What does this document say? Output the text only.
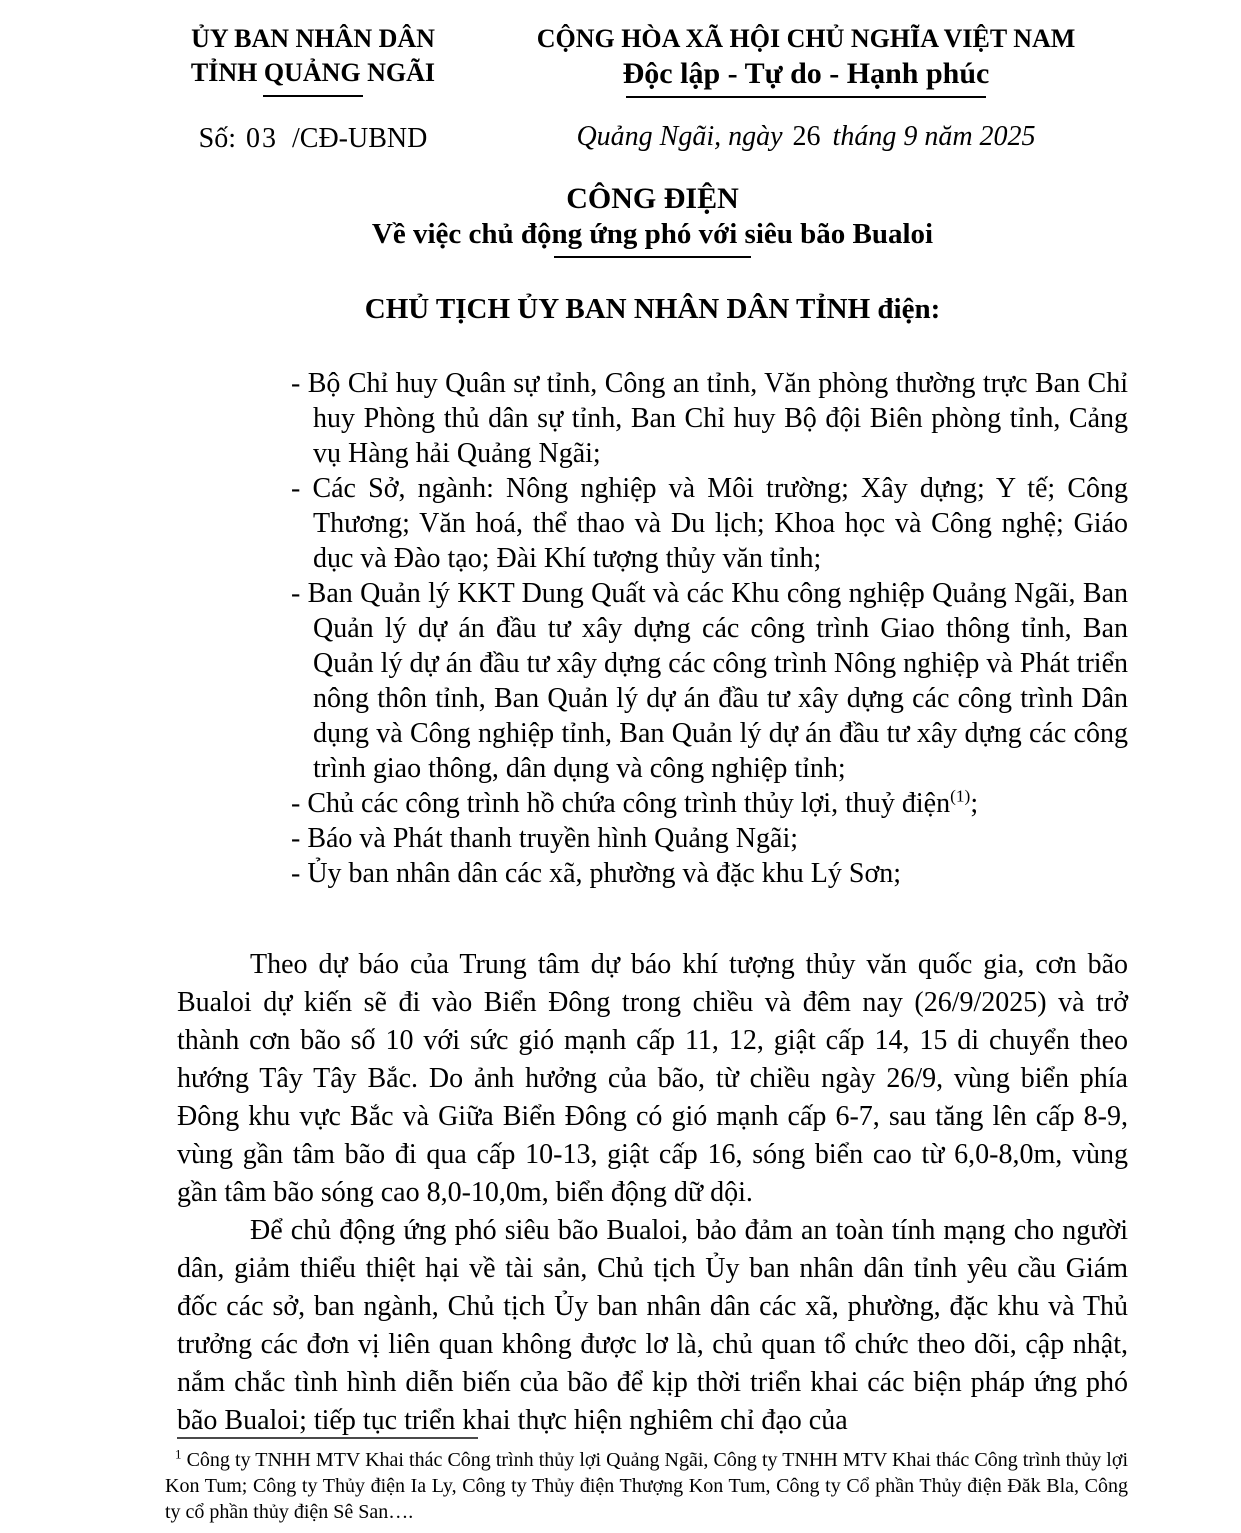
ỦY BAN NHÂN DÂN
TỈNH QUẢNG NGÃI
Số: 03 /CĐ-UBND
CỘNG HÒA XÃ HỘI CHỦ NGHĨA VIỆT NAM
Độc lập - Tự do - Hạnh phúc
Quảng Ngãi, ngày 26 tháng 9 năm 2025
CÔNG ĐIỆN
Về việc chủ động ứng phó với siêu bão Bualoi
CHỦ TỊCH ỦY BAN NHÂN DÂN TỈNH điện:
- Bộ Chỉ huy Quân sự tỉnh, Công an tỉnh, Văn phòng thường trực Ban Chỉ huy Phòng thủ dân sự tỉnh, Ban Chỉ huy Bộ đội Biên phòng tỉnh, Cảng vụ Hàng hải Quảng Ngãi;
- Các Sở, ngành: Nông nghiệp và Môi trường; Xây dựng; Y tế; Công Thương; Văn hoá, thể thao và Du lịch; Khoa học và Công nghệ; Giáo dục và Đào tạo; Đài Khí tượng thủy văn tỉnh;
- Ban Quản lý KKT Dung Quất và các Khu công nghiệp Quảng Ngãi, Ban Quản lý dự án đầu tư xây dựng các công trình Giao thông tỉnh, Ban Quản lý dự án đầu tư xây dựng các công trình Nông nghiệp và Phát triển nông thôn tỉnh, Ban Quản lý dự án đầu tư xây dựng các công trình Dân dụng và Công nghiệp tỉnh, Ban Quản lý dự án đầu tư xây dựng các công trình giao thông, dân dụng và công nghiệp tỉnh;
- Chủ các công trình hồ chứa công trình thủy lợi, thuỷ điện$^{(1)}$;
- Báo và Phát thanh truyền hình Quảng Ngãi;
- Ủy ban nhân dân các xã, phường và đặc khu Lý Sơn;

Theo dự báo của Trung tâm dự báo khí tượng thủy văn quốc gia, cơn bão Bualoi dự kiến sẽ đi vào Biển Đông trong chiều và đêm nay (26/9/2025) và trở thành cơn bão số 10 với sức gió mạnh cấp 11, 12, giật cấp 14, 15 di chuyển theo hướng Tây Tây Bắc. Do ảnh hưởng của bão, từ chiều ngày 26/9, vùng biển phía Đông khu vực Bắc và Giữa Biển Đông có gió mạnh cấp 6-7, sau tăng lên cấp 8-9, vùng gần tâm bão đi qua cấp 10-13, giật cấp 16, sóng biển cao từ 6,0-8,0m, vùng gần tâm bão sóng cao 8,0-10,0m, biển động dữ dội.

Để chủ động ứng phó siêu bão Bualoi, bảo đảm an toàn tính mạng cho người dân, giảm thiểu thiệt hại về tài sản, Chủ tịch Ủy ban nhân dân tỉnh yêu cầu Giám đốc các sở, ban ngành, Chủ tịch Ủy ban nhân dân các xã, phường, đặc khu và Thủ trưởng các đơn vị liên quan không được lơ là, chủ quan tổ chức theo dõi, cập nhật, nắm chắc tình hình diễn biến của bão để kịp thời triển khai các biện pháp ứng phó bão Bualoi; tiếp tục triển khai thực hiện nghiêm chỉ đạo của

$^1$ Công ty TNHH MTV Khai thác Công trình thủy lợi Quảng Ngãi, Công ty TNHH MTV Khai thác Công trình thủy lợi Kon Tum; Công ty Thủy điện Ia Ly, Công ty Thủy điện Thượng Kon Tum, Công ty Cổ phần Thủy điện Đăk Bla, Công ty cổ phần thủy điện Sê San….
